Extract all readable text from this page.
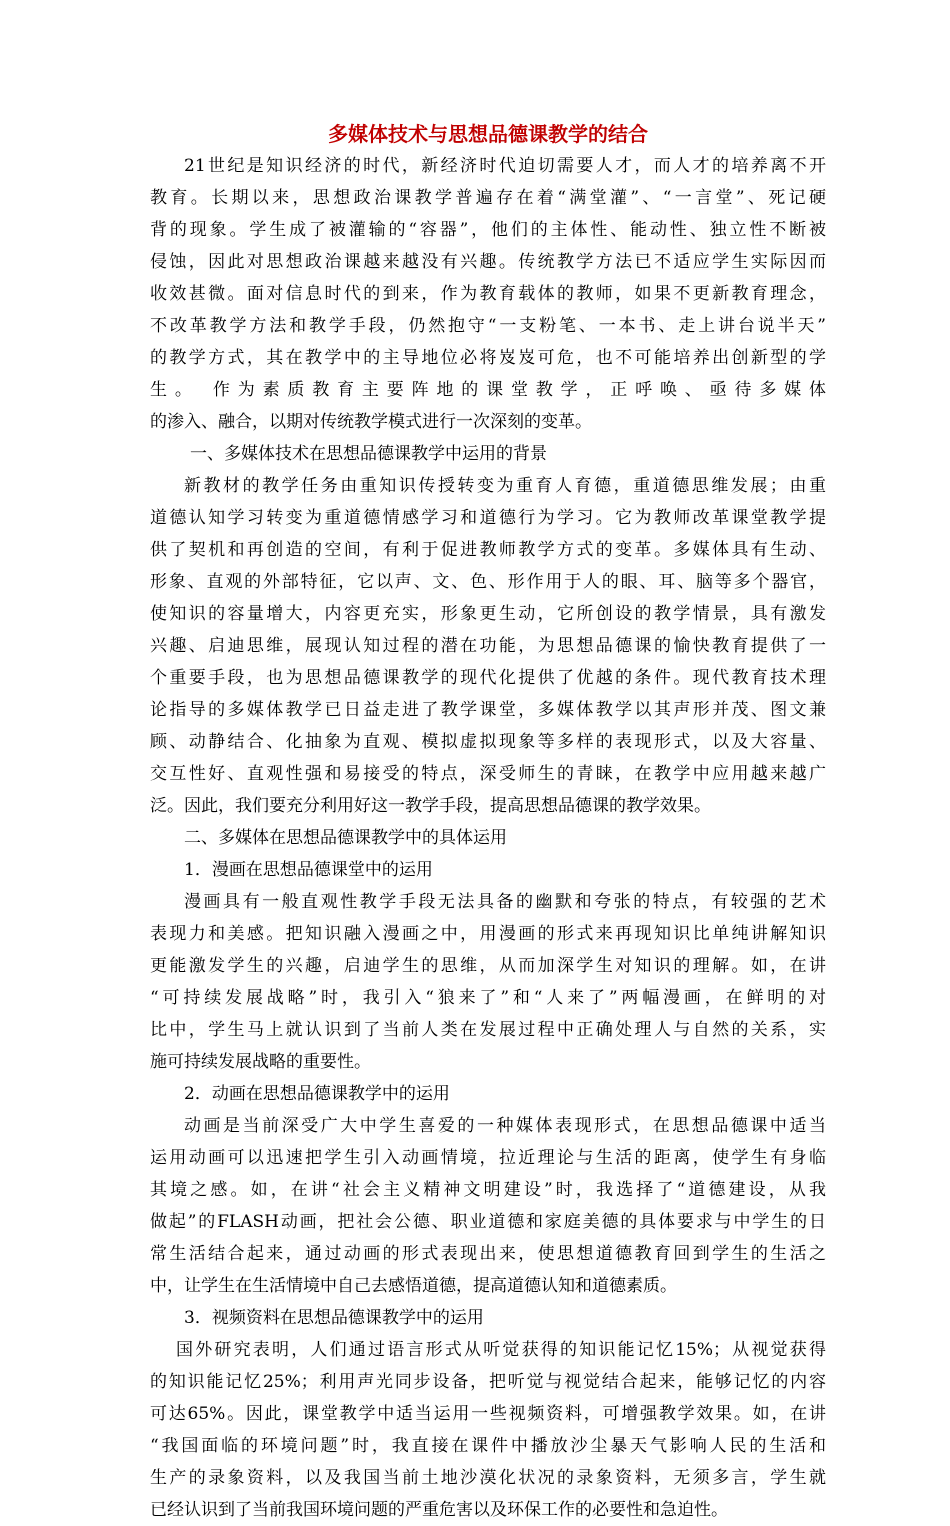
多媒体技术与思想品德课教学的结合
21世纪是知识经济的时代，新经济时代迫切需要人才，而人才的培养离不开
教育。长期以来，思想政治课教学普遍存在着“满堂灌”、“一言堂”、死记硬
背的现象。学生成了被灌输的“容器”，他们的主体性、能动性、独立性不断被
侵蚀，因此对思想政治课越来越没有兴趣。传统教学方法已不适应学生实际因而
收效甚微。面对信息时代的到来，作为教育载体的教师，如果不更新教育理念，
不改革教学方法和教学手段，仍然抱守“一支粉笔、一本书、走上讲台说半天”
的教学方式，其在教学中的主导地位必将岌岌可危，也不可能培养出创新型的学
生。 作为素质教育主要阵地的课堂教学，正呼唤、亟待多媒体
的渗入、融合，以期对传统教学模式进行一次深刻的变革。
一、多媒体技术在思想品德课教学中运用的背景
新教材的教学任务由重知识传授转变为重育人育德，重道德思维发展；由重
道德认知学习转变为重道德情感学习和道德行为学习。它为教师改革课堂教学提
供了契机和再创造的空间，有利于促进教师教学方式的变革。多媒体具有生动、
形象、直观的外部特征，它以声、文、色、形作用于人的眼、耳、脑等多个器官，
使知识的容量增大，内容更充实，形象更生动，它所创设的教学情景，具有激发
兴趣、启迪思维，展现认知过程的潜在功能，为思想品德课的愉快教育提供了一
个重要手段，也为思想品德课教学的现代化提供了优越的条件。现代教育技术理
论指导的多媒体教学已日益走进了教学课堂，多媒体教学以其声形并茂、图文兼
顾、动静结合、化抽象为直观、模拟虚拟现象等多样的表现形式，以及大容量、
交互性好、直观性强和易接受的特点，深受师生的青睐，在教学中应用越来越广
泛。因此，我们要充分利用好这一教学手段，提高思想品德课的教学效果。
二、多媒体在思想品德课教学中的具体运用
1．漫画在思想品德课堂中的运用
漫画具有一般直观性教学手段无法具备的幽默和夸张的特点，有较强的艺术
表现力和美感。把知识融入漫画之中，用漫画的形式来再现知识比单纯讲解知识
更能激发学生的兴趣，启迪学生的思维，从而加深学生对知识的理解。如，在讲
“可持续发展战略”时，我引入“狼来了”和“人来了”两幅漫画，在鲜明的对
比中，学生马上就认识到了当前人类在发展过程中正确处理人与自然的关系，实
施可持续发展战略的重要性。
2．动画在思想品德课教学中的运用
动画是当前深受广大中学生喜爱的一种媒体表现形式，在思想品德课中适当
运用动画可以迅速把学生引入动画情境，拉近理论与生活的距离，使学生有身临
其境之感。如，在讲“社会主义精神文明建设”时，我选择了“道德建设，从我
做起”的FLASH动画，把社会公德、职业道德和家庭美德的具体要求与中学生的日
常生活结合起来，通过动画的形式表现出来，使思想道德教育回到学生的生活之
中，让学生在生活情境中自己去感悟道德，提高道德认知和道德素质。
3．视频资料在思想品德课教学中的运用
国外研究表明，人们通过语言形式从听觉获得的知识能记忆15%；从视觉获得
的知识能记忆25%；利用声光同步设备，把听觉与视觉结合起来，能够记忆的内容
可达65%。因此，课堂教学中适当运用一些视频资料，可增强教学效果。如，在讲
“我国面临的环境问题”时，我直接在课件中播放沙尘暴天气影响人民的生活和
生产的录象资料，以及我国当前土地沙漠化状况的录象资料，无须多言，学生就
已经认识到了当前我国环境问题的严重危害以及环保工作的必要性和急迫性。
